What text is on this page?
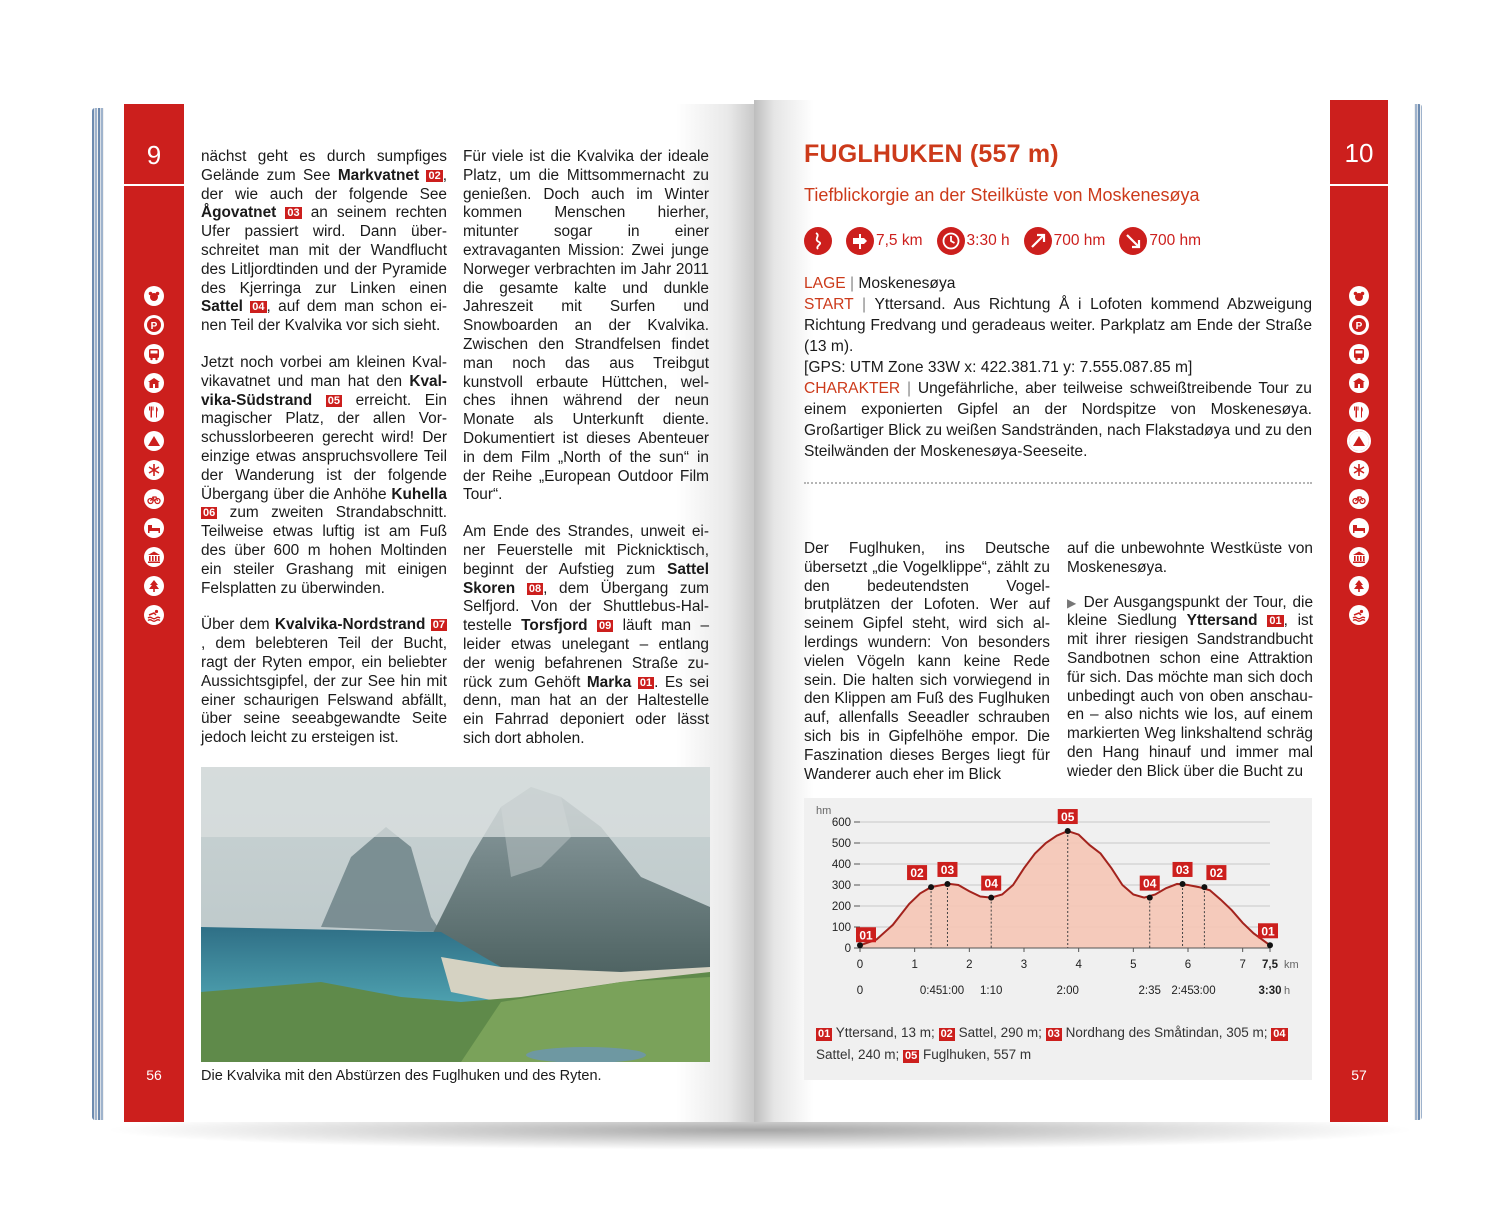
9
P
56
10
P
57

nächst geht es durch sumpfiges Gelände zum See Markvatnet 02 , der wie auch der folgende See Ågovatnet 03 an seinem rechten Ufer passiert wird. Dann überschreitet man mit der Wandflucht des Litljordtinden und der Pyramide des Kjerringa zur Linken einen Sattel 04 , auf dem man schon einen Teil der Kvalvika vor sich sieht.

Jetzt noch vorbei am kleinen Kvalvikavatnet und man hat den Kvalvika-Südstrand 05 erreicht. Ein magischer Platz, der allen Vorschusslorbeeren gerecht wird! Der einzige etwas anspruchsvollere Teil der Wanderung ist der folgende Übergang über die Anhöhe Kuhella 06 zum zweiten Strandabschnitt. Teilweise etwas luftig ist am Fuß des über 600 m hohen Moltinden ein steiler Grashang mit einigen Felsplatten zu überwinden.

Über dem Kvalvika-Nordstrand 07, dem belebteren Teil der Bucht, ragt der Ryten empor, ein beliebter Aussichtsgipfel, der zur See hin mit einer schaurigen Felswand abfällt, über seine seeabgewandte Seite jedoch leicht zu ersteigen ist.

Für viele ist die Kvalvika der ideale Platz, um die Mittsommernacht zu genießen. Doch auch im Winter kommen Menschen hierher, mitunter sogar in einer extravaganten Mission: Zwei junge Norweger verbrachten im Jahr 2011 die gesamte kalte und dunkle Jahreszeit mit Surfen und Snowboarden an der Kvalvika. Zwischen den Strandfelsen findet man noch das aus Treibgut kunstvoll erbaute Hüttchen, welches ihnen während der neun Monate als Unterkunft diente. Dokumentiert ist dieses Abenteuer in dem Film „North of the sun“ in der Reihe „European Outdoor Film Tour“.

Am Ende des Strandes, unweit einer Feuerstelle mit Picknicktisch, beginnt der Aufstieg zum Sattel Skoren 08 , dem Übergang zum Selfjord. Von der Shuttlebus-Haltestelle Torsfjord 09 läuft man – leider etwas unelegant – entlang der wenig befahrenen Straße zurück zum Gehöft Marka 01 . Es sei denn, man hat an der Haltestelle ein Fahrrad deponiert oder lässt sich dort abholen.

Die Kvalvika mit den Abstürzen des Fuglhuken und des Ryten.
FUGLHUKEN (557 m)
Tiefblickorgie an der Steilküste von Moskenesøya
7,5 km	3:30 h	700 hm	700 hm
LAGE | Moskenesøya
START | Yttersand. Aus Richtung Å i Lofoten kommend Abzweigung Richtung Fredvang und geradeaus weiter. Parkplatz am Ende der Straße (13 m).
[GPS: UTM Zone 33W x: 422.381.71 y: 7.555.087.85 m]
CHARAKTER | Ungefährliche, aber teilweise schweißtreibende Tour zu einem exponierten Gipfel an der Nordspitze von Moskenesøya. Großartiger Blick zu weißen Sandstränden, nach Flakstadøya und zu den Steilwänden der Moskenesøya-Seeseite.

Der Fuglhuken, ins Deutsche übersetzt „die Vogelklippe“, zählt zu den bedeutendsten Vogelbrutplätzen der Lofoten. Wer auf seinem Gipfel steht, wird sich allerdings wundern: Von besonders vielen Vögeln kann keine Rede sein. Die halten sich vorwiegend in den Klippen am Fuß des Fuglhuken auf, allenfalls Seeadler schrauben sich bis in Gipfelhöhe empor. Die Faszination dieses Berges liegt für Wanderer auch eher im Blick

auf die unbewohnte Westküste von Moskenesøya.

▶ Der Ausgangspunkt der Tour, die kleine Siedlung Yttersand 01 , ist mit ihrer riesigen Sandstrandbucht Sandbotnen schon eine Attraktion für sich. Das möchte man sich doch unbedingt auch von oben anschauen – also nichts wie los, auf einem markierten Weg linkshaltend schräg den Hang hinauf und immer mal wieder den Blick über die Bucht zu

0
100
200
300
400
500
600
hm
0	1	2	3	4	5	6	7 7,5 km
0	0:45 1:00 1:10	2:00	2:35 2:45 3:00	3:30 h
01
02 03
04
05
04
03 02
01
01 Yttersand, 13 m; 02 Sattel, 290 m; 03 Nordhang des Småtindan, 305 m; 04 Sattel, 240 m; 05 Fuglhuken, 557 m
